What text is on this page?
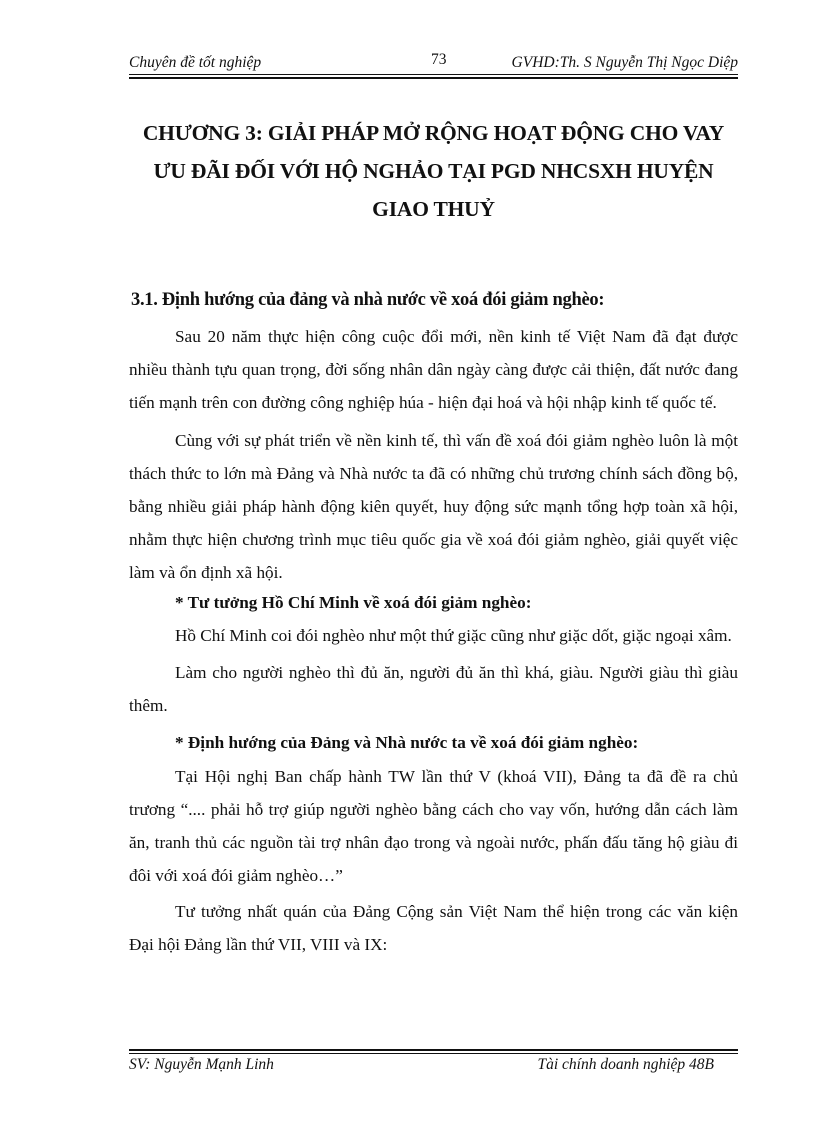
Chuyên đề tốt nghiệp	73	GVHD:Th. S Nguyễn Thị Ngọc Diệp
CHƯƠNG 3: GIẢI PHÁP MỞ RỘNG HOẠT ĐỘNG CHO VAY
ƯU ĐÃI ĐỐI VỚI HỘ NGHẢO TẠI PGD NHCSXH HUYỆN
GIAO THUỶ
3.1. Định hướng của đảng và nhà nước về xoá đói giảm nghèo:

Sau 20 năm thực hiện công cuộc đổi mới, nền kinh tế Việt Nam đã đạt được nhiều thành tựu quan trọng, đời sống nhân dân ngày càng được cải thiện, đất nước đang tiến mạnh trên con đường công nghiệp húa - hiện đại hoá và hội nhập kinh tế quốc tế.

Cùng với sự phát triển về nền kinh tế, thì vấn đề xoá đói giảm nghèo luôn là một thách thức to lớn mà Đảng và Nhà nước ta đã có những chủ trương chính sách đồng bộ, bằng nhiều giải pháp hành động kiên quyết, huy động sức mạnh tổng hợp toàn xã hội, nhằm thực hiện chương trình mục tiêu quốc gia về xoá đói giảm nghèo, giải quyết việc làm và ổn định xã hội.

* Tư tưởng Hồ Chí Minh về xoá đói giảm nghèo:

Hồ Chí Minh coi đói nghèo như một thứ giặc cũng như giặc dốt, giặc ngoại xâm.

Làm cho người nghèo thì đủ ăn, người đủ ăn thì khá, giàu. Người giàu thì giàu thêm.

* Định hướng của Đảng và Nhà nước ta về xoá đói giảm nghèo:

Tại Hội nghị Ban chấp hành TW lần thứ V (khoá VII), Đảng ta đã đề ra chủ trương “.... phải hỗ trợ giúp người nghèo bằng cách cho vay vốn, hướng dẫn cách làm ăn, tranh thủ các nguồn tài trợ nhân đạo trong và ngoài nước, phấn đấu tăng hộ giàu đi đôi với xoá đói giảm nghèo…”

Tư tưởng nhất quán của Đảng Cộng sản Việt Nam thể hiện trong các văn kiện Đại hội Đảng lần thứ VII, VIII và IX:

SV: Nguyễn Mạnh Linh	Tài chính doanh nghiệp 48B
